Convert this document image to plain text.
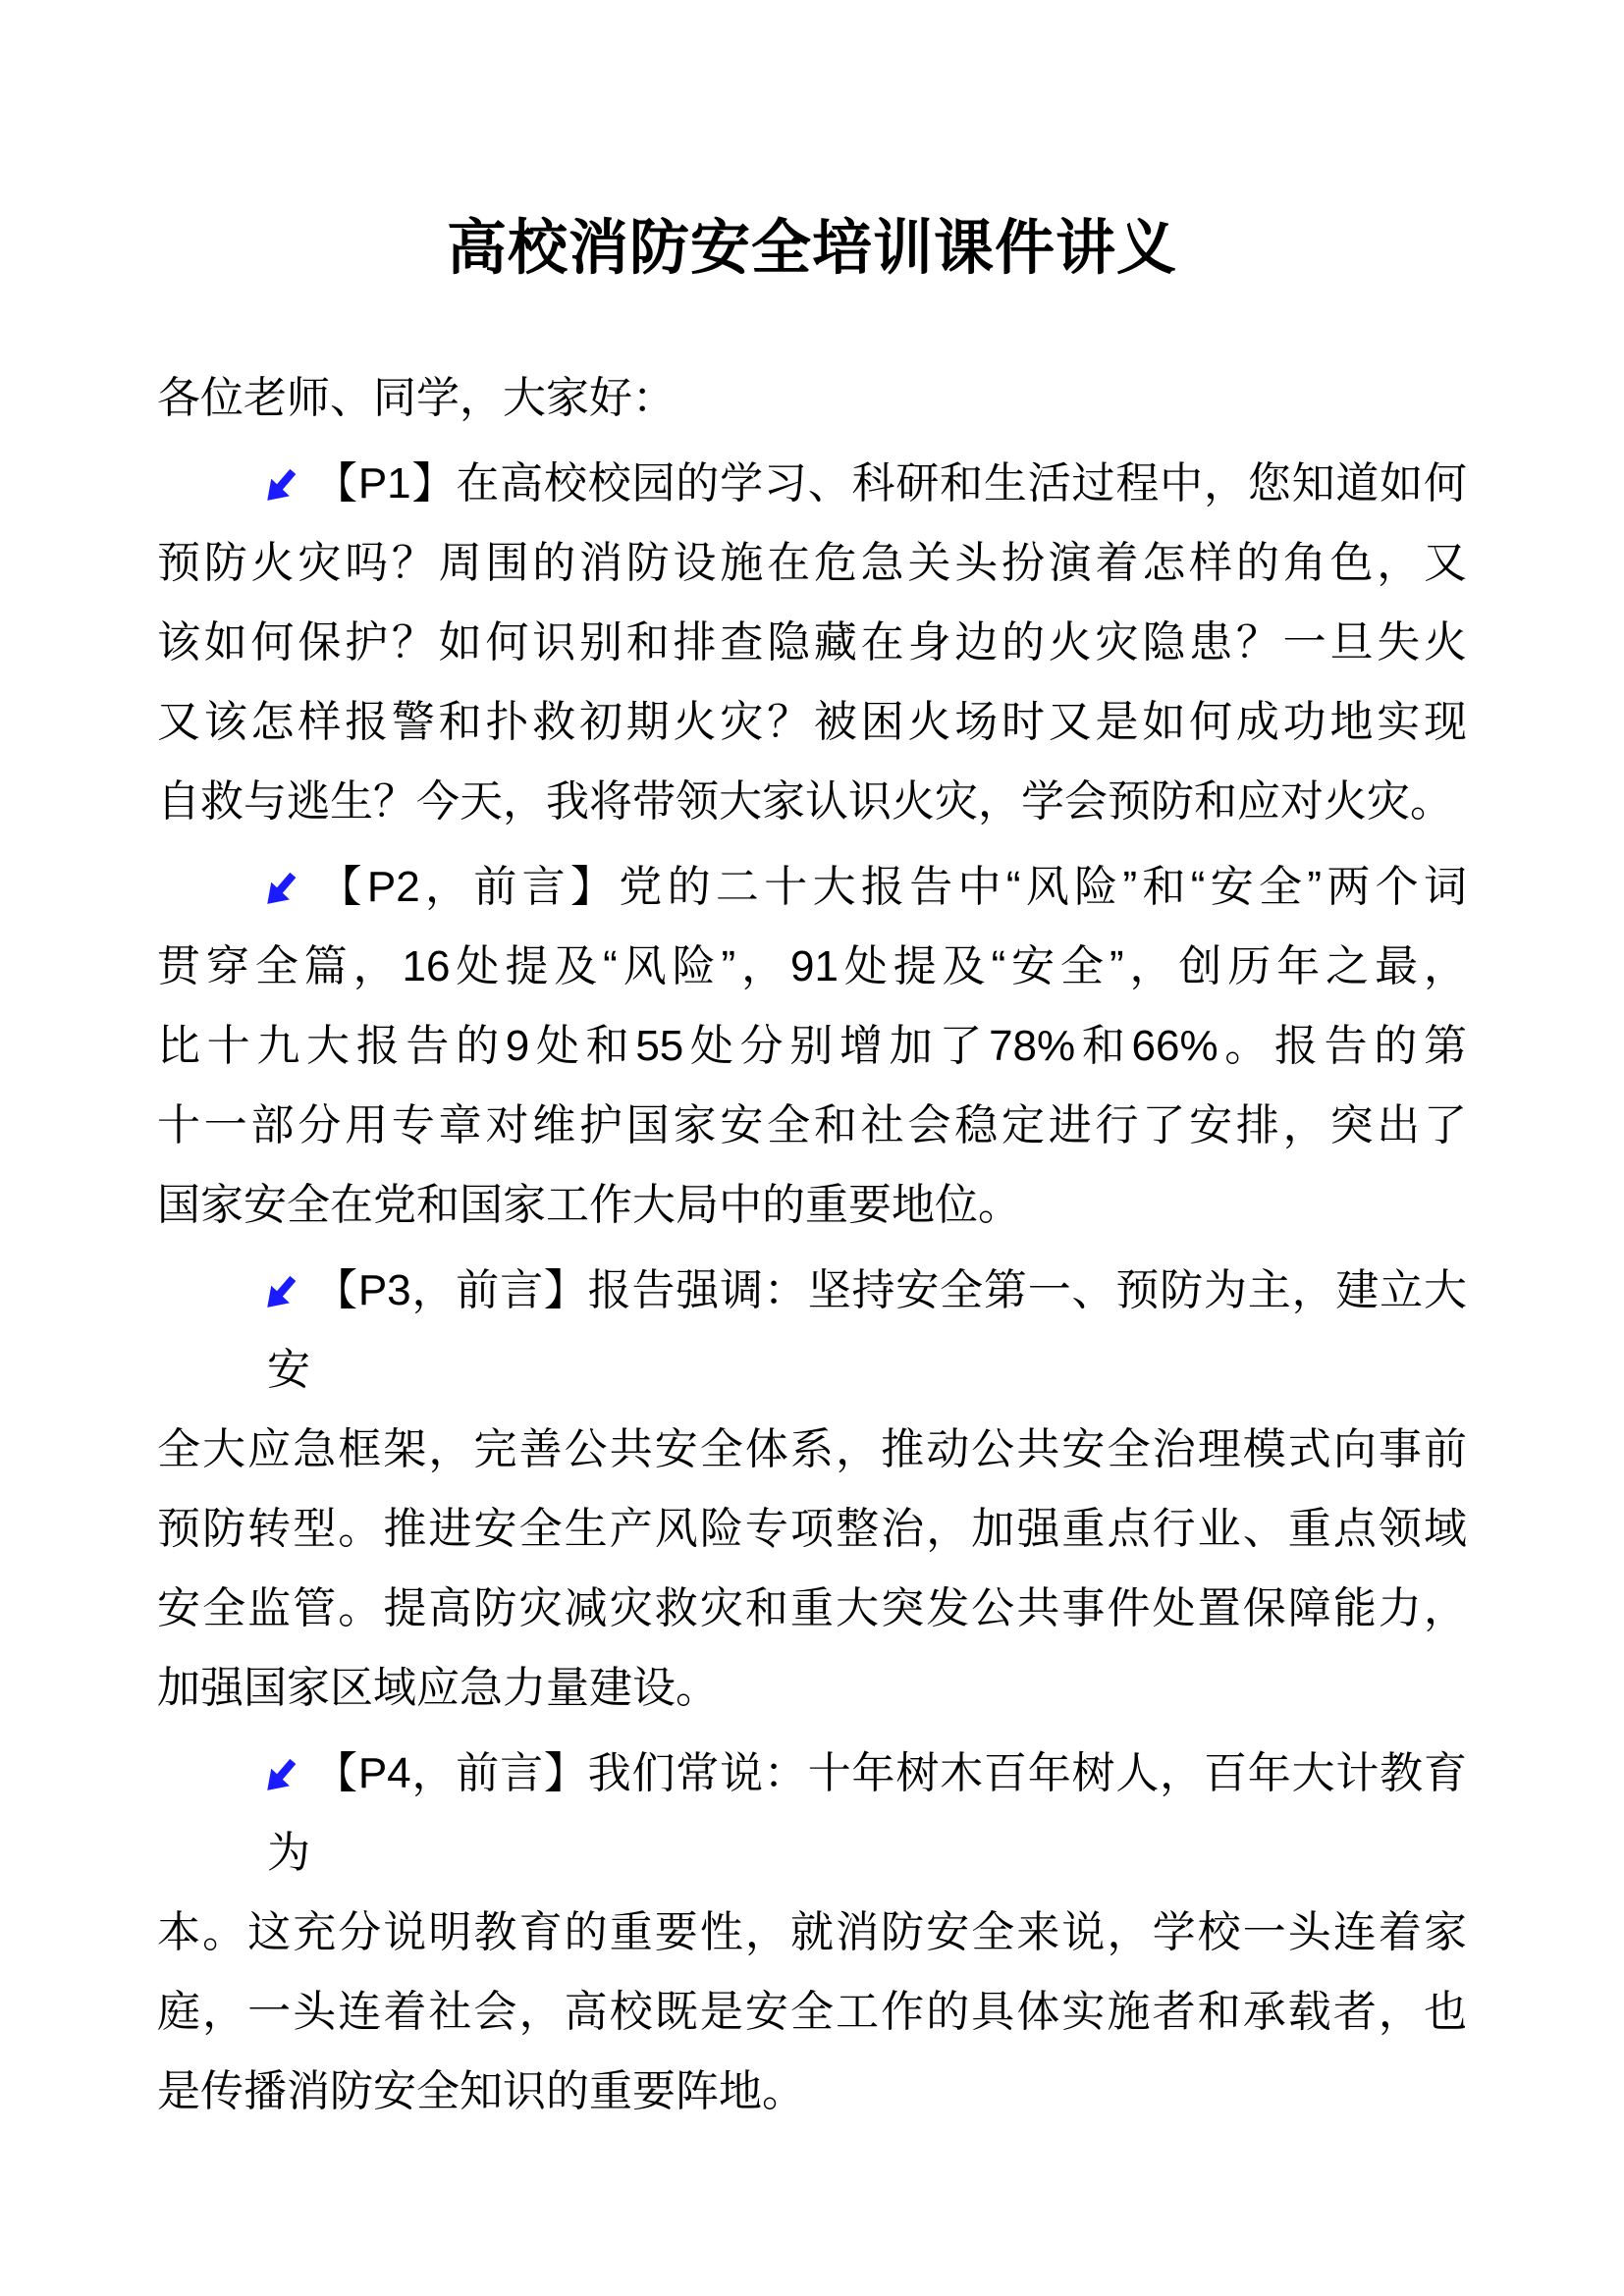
高校消防安全培训课件讲义
各位老师、同学，大家好：
【P1】在高校校园的学习、科研和生活过程中，您知道如何
预防火灾吗？周围的消防设施在危急关头扮演着怎样的角色，又
该如何保护？如何识别和排查隐藏在身边的火灾隐患？一旦失火
又该怎样报警和扑救初期火灾？被困火场时又是如何成功地实现
自救与逃生？今天，我将带领大家认识火灾，学会预防和应对火灾。
【P2，前言】党的二十大报告中“风险”和“安全”两个词
贯穿全篇，16处提及“风险”，91处提及“安全”，创历年之最，
比十九大报告的9处和55处分别增加了78%和66%。报告的第
十一部分用专章对维护国家安全和社会稳定进行了安排，突出了
国家安全在党和国家工作大局中的重要地位。
【P3，前言】报告强调：坚持安全第一、预防为主，建立大安
全大应急框架，完善公共安全体系，推动公共安全治理模式向事前
预防转型。推进安全生产风险专项整治，加强重点行业、重点领域
安全监管。提高防灾减灾救灾和重大突发公共事件处置保障能力，
加强国家区域应急力量建设。
【P4，前言】我们常说：十年树木百年树人，百年大计教育为
本。这充分说明教育的重要性，就消防安全来说，学校一头连着家
庭，一头连着社会，高校既是安全工作的具体实施者和承载者，也
是传播消防安全知识的重要阵地。
